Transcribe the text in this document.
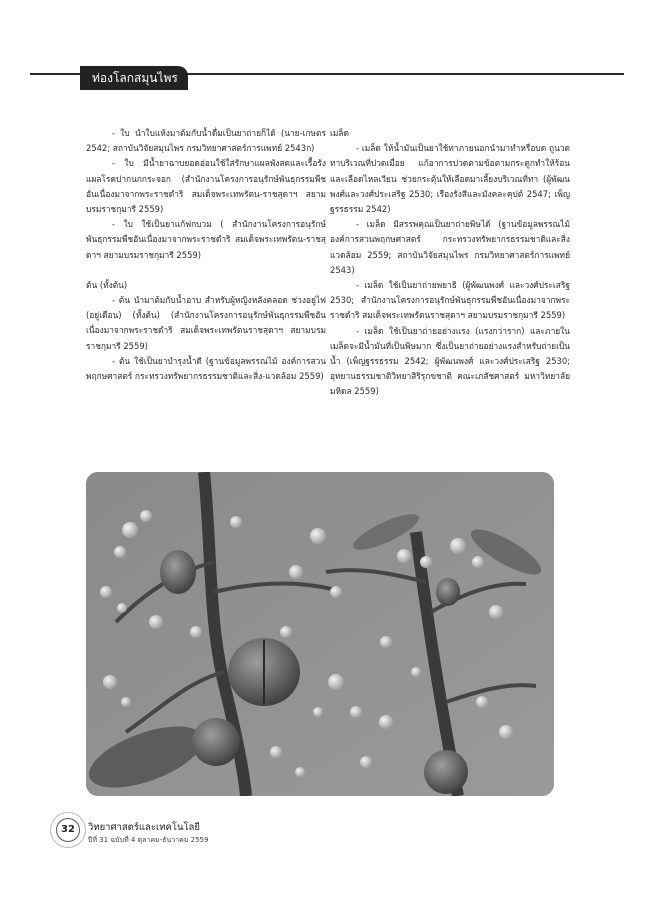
ท่องโลกสมุนไพร

- ใบ นำใบแห้งมาต้มกับน้ำดื่มเป็นยาถ่ายก็ได้ (นาย-เกษตร 2542; สถาบันวิจัยสมุนไพร กรมวิทยาศาสตร์การแพทย์ 2543ก)

- ใบ มีน้ำยาฉาบยอดอ่อนใช้ใส่รักษาแผลพังสดและเรื้อรัง แผลโรคปากนกกระจอก (สำนักงานโครงการอนุรักษ์พันธุกรรมพืชอันเนื่องมาจากพระราชดำริ สมเด็จพระเทพรัตน-ราชสุดาฯ สยามบรมราชกุมารี 2559)

- ใบ ใช้เป็นยาแก้ฟกบวม ( สำนักงานโครงการอนุรักษ์พันธุกรรมพืชอันเนื่องมาจากพระราชดำริ สมเด็จพระเทพรัตน-ราชสุดาฯ สยามบรมราชกุมารี 2559)

ต้น (ทั้งต้น)

- ต้น นำมาต้มกับน้ำอาบ สำหรับผู้หญิงหลังคลอด ช่วงอยู่ไฟ (อยู่เดือน) (ทั้งต้น) (สำนักงานโครงการอนุรักษ์พันธุกรรมพืชอันเนื่องมาจากพระราชดำริ สมเด็จพระเทพรัตนราชสุดาฯ สยามบรมราชกุมารี 2559)

- ต้น ใช้เป็นยาบำรุงน้ำดี (ฐานข้อมูลพรรณไม้ องค์การสวนพฤกษศาสตร์ กระทรวงทรัพยากรธรรมชาติและสิ่ง-แวดล้อม 2559)

เมล็ด

- เมล็ด ให้น้ำมันเป็นยาใช้ทาภายนอกนำมาทำหรือบด ถูนวด ทาบริเวณที่ปวดเมื่อย แก้อาการปวดตามข้อตามกระดูกทำให้ร้อนและเลือดไหลเวียน ช่วยกระตุ้นให้เลือดมาเลี้ยงบริเวณที่ทา (ผู้พัฒนพงศ์และวงศ์ประเสริฐ 2530; เรืองรังสีและมังคละคุปต์ 2547; เพ็ญฐรรธรรม 2542)

- เมล็ด มีสรรพคุณเป็นยาถ่ายพิษได้ (ฐานข้อมูลพรรณไม้ องค์การสวนพฤกษศาสตร์ กระทรวงทรัพยากรธรรมชาติและสิ่งแวดล้อม 2559; สถาบันวิจัยสมุนไพร กรมวิทยาศาสตร์การแพทย์ 2543)

- เมล็ด ใช้เป็นยาถ่ายพยาธิ (ผู้พัฒนพงศ์ และวงศ์ประเสริฐ 2530; สำนักงานโครงการอนุรักษ์พันธุกรรมพืชอันเนื่องมาจากพระราชดำริ สมเด็จพระเทพรัตนราชสุดาฯ สยามบรมราชกุมารี 2559)

- เมล็ด ใช้เป็นยาถ่ายอย่างแรง (แรงกว่าราก) และภายในเมล็ดจะมีน้ำมันที่เป็นพิษมาก ซึ่งเป็นยาถ่ายอย่างแรงสำหรับถ่ายเป็นน้ำ (เพ็ญฐรรธรรม 2542; ผู้พัฒนพงศ์ และวงศ์ประเสริฐ 2530; อุทยานธรรมชาติวิทยาสิริรุกขชาติ คณะเภสัชศาสตร์ มหาวิทยาลัยมหิดล 2559)

32	วิทยาศาสตร์และเทคโนโลยี
ปีที่ 31 ฉบับที่ 4 ตุลาคม-ธันวาคม 2559
